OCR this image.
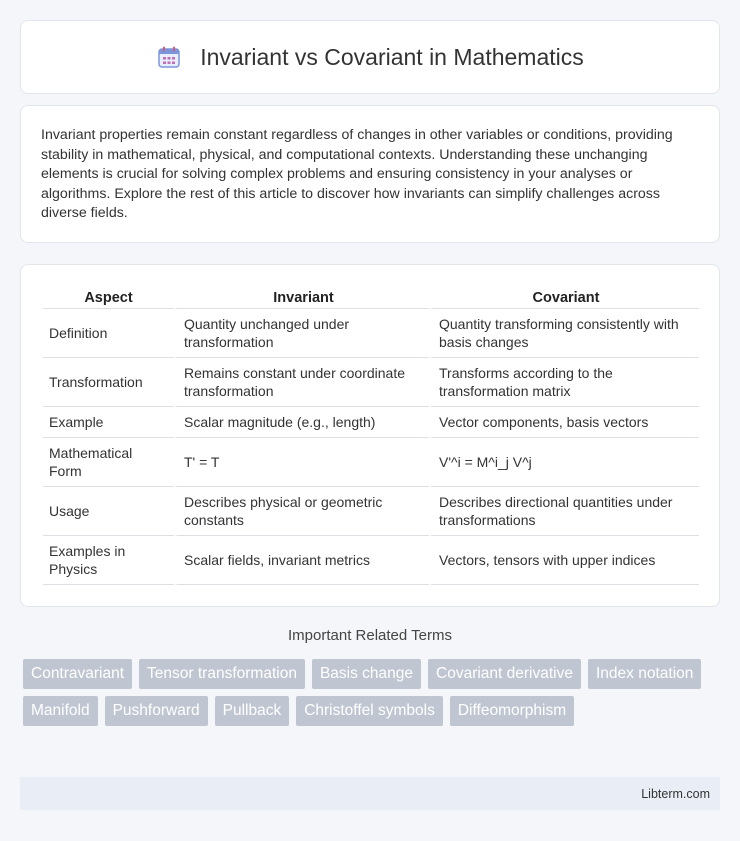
Invariant vs Covariant in Mathematics

Invariant properties remain constant regardless of changes in other variables or conditions, providing stability in mathematical, physical, and computational contexts. Understanding these unchanging elements is crucial for solving complex problems and ensuring consistency in your analyses or algorithms. Explore the rest of this article to discover how invariants can simplify challenges across diverse fields.

Aspect	Invariant	Covariant
Definition	Quantity unchanged under transformation	Quantity transforming consistently with basis changes
Transformation	Remains constant under coordinate transformation	Transforms according to the transformation matrix
Example	Scalar magnitude (e.g., length)	Vector components, basis vectors
Mathematical Form	T' = T	V'^i = M^i_j V^j
Usage	Describes physical or geometric constants	Describes directional quantities under transformations
Examples in Physics	Scalar fields, invariant metrics	Vectors, tensors with upper indices
Important Related Terms
Contravariant	Tensor transformation	Basis change	Covariant derivative	Index notation
Manifold	Pushforward	Pullback	Christoffel symbols	Diffeomorphism
Libterm.com
